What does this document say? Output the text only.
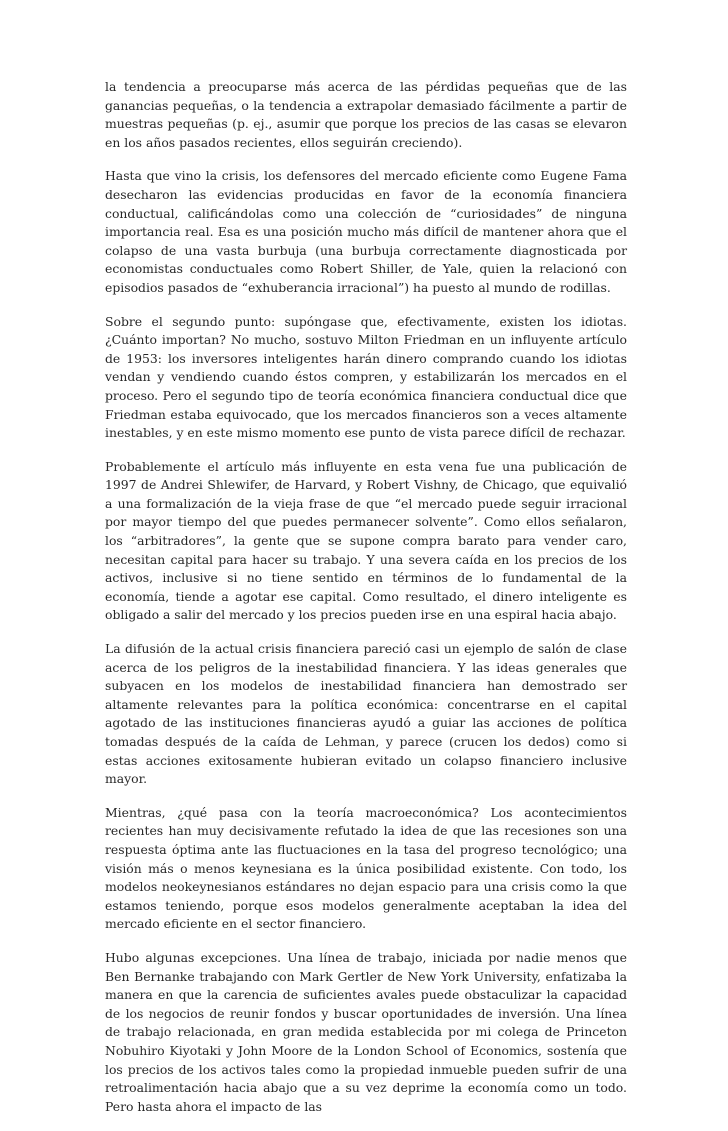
la tendencia a preocuparse más acerca de las pérdidas pequeñas que de las ganancias pequeñas, o la tendencia a extrapolar demasiado fácilmente a partir de muestras pequeñas (p. ej., asumir que porque los precios de las casas se elevaron en los años pasados recientes, ellos seguirán creciendo).

Hasta que vino la crisis, los defensores del mercado eficiente como Eugene Fama desecharon las evidencias producidas en favor de la economía financiera conductual, calificándolas como una colección de “curiosidades” de ninguna importancia real. Esa es una posición mucho más difícil de mantener ahora que el colapso de una vasta burbuja (una burbuja correctamente diagnosticada por economistas conductuales como Robert Shiller, de Yale, quien la relacionó con episodios pasados de “exhuberancia irracional”) ha puesto al mundo de rodillas.

Sobre el segundo punto: supóngase que, efectivamente, existen los idiotas. ¿Cuánto importan? No mucho, sostuvo Milton Friedman en un influyente artículo de 1953: los inversores inteligentes harán dinero comprando cuando los idiotas vendan y vendiendo cuando éstos compren, y estabilizarán los mercados en el proceso. Pero el segundo tipo de teoría económica financiera conductual dice que Friedman estaba equivocado, que los mercados financieros son a veces altamente inestables, y en este mismo momento ese punto de vista parece difícil de rechazar.

Probablemente el artículo más influyente en esta vena fue una publicación de 1997 de Andrei Shlewifer, de Harvard, y Robert Vishny, de Chicago, que equivalió a una formalización de la vieja frase de que “el mercado puede seguir irracional por mayor tiempo del que puedes permanecer solvente”. Como ellos señalaron, los “arbitradores”, la gente que se supone compra barato para vender caro, necesitan capital para hacer su trabajo. Y una severa caída en los precios de los activos, inclusive si no tiene sentido en términos de lo fundamental de la economía, tiende a agotar ese capital. Como resultado, el dinero inteligente es obligado a salir del mercado y los precios pueden irse en una espiral hacia abajo.

La difusión de la actual crisis financiera pareció casi un ejemplo de salón de clase acerca de los peligros de la inestabilidad financiera. Y las ideas generales que subyacen en los modelos de inestabilidad financiera han demostrado ser altamente relevantes para la política económica: concentrarse en el capital agotado de las instituciones financieras ayudó a guiar las acciones de política tomadas después de la caída de Lehman, y parece (crucen los dedos) como si estas acciones exitosamente hubieran evitado un colapso financiero inclusive mayor.

Mientras, ¿qué pasa con la teoría macroeconómica? Los acontecimientos recientes han muy decisivamente refutado la idea de que las recesiones son una respuesta óptima ante las fluctuaciones en la tasa del progreso tecnológico; una visión más o menos keynesiana es la única posibilidad existente. Con todo, los modelos neokeynesianos estándares no dejan espacio para una crisis como la que estamos teniendo, porque esos modelos generalmente aceptaban la idea del mercado eficiente en el sector financiero.

Hubo algunas excepciones. Una línea de trabajo, iniciada por nadie menos que Ben Bernanke trabajando con Mark Gertler de New York University, enfatizaba la manera en que la carencia de suficientes avales puede obstaculizar la capacidad de los negocios de reunir fondos y buscar oportunidades de inversión. Una línea de trabajo relacionada, en gran medida establecida por mi colega de Princeton Nobuhiro Kiyotaki y John Moore de la London School of Economics, sostenía que los precios de los activos tales como la propiedad inmueble pueden sufrir de una retroalimentación hacia abajo que a su vez deprime la economía como un todo. Pero hasta ahora el impacto de las
